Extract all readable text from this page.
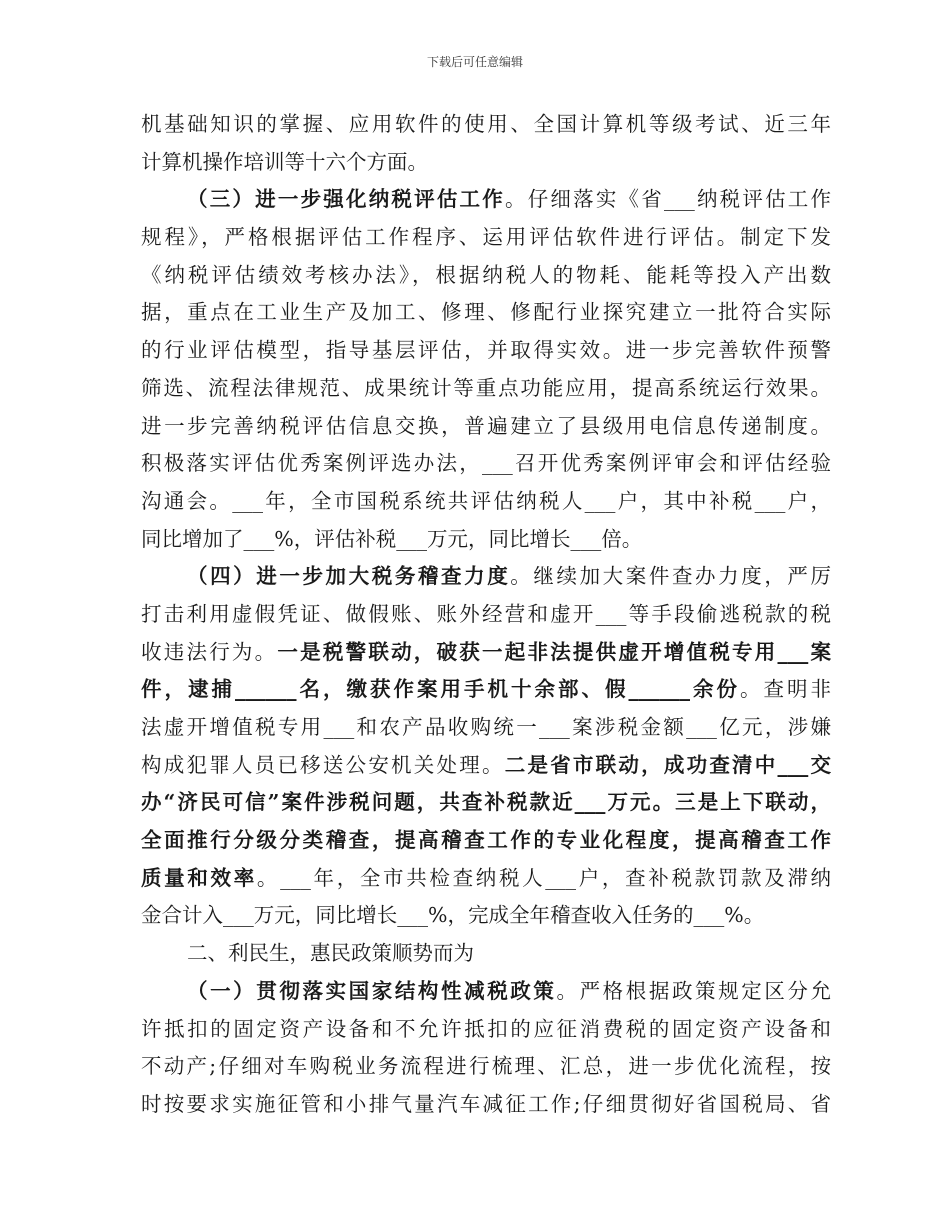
下载后可任意编辑
机基础知识的掌握、应用软件的使用、全国计算机等级考试、近三年
计算机操作培训等十六个方面。
（三）进一步强化纳税评估工作。仔细落实《省___纳税评估工作
规程》，严格根据评估工作程序、运用评估软件进行评估。制定下发
《纳税评估绩效考核办法》，根据纳税人的物耗、能耗等投入产出数
据，重点在工业生产及加工、修理、修配行业探究建立一批符合实际
的行业评估模型，指导基层评估，并取得实效。进一步完善软件预警
筛选、流程法律规范、成果统计等重点功能应用，提高系统运行效果。
进一步完善纳税评估信息交换，普遍建立了县级用电信息传递制度。
积极落实评估优秀案例评选办法，___召开优秀案例评审会和评估经验
沟通会。___年，全市国税系统共评估纳税人___户，其中补税___户，
同比增加了___%，评估补税___万元，同比增长___倍。
（四）进一步加大税务稽查力度。继续加大案件查办力度，严厉
打击利用虚假凭证、做假账、账外经营和虚开___等手段偷逃税款的税
收违法行为。一是税警联动，破获一起非法提供虚开增值税专用___案
件，逮捕______名，缴获作案用手机十余部、假______余份。查明非
法虚开增值税专用___和农产品收购统一___案涉税金额___亿元，涉嫌
构成犯罪人员已移送公安机关处理。二是省市联动，成功查清中___交
办“济民可信”案件涉税问题，共查补税款近___万元。三是上下联动，
全面推行分级分类稽查，提高稽查工作的专业化程度，提高稽查工作
质量和效率。___年，全市共检查纳税人___户，查补税款罚款及滞纳
金合计入___万元，同比增长___%，完成全年稽查收入任务的___%。
二、利民生，惠民政策顺势而为
（一）贯彻落实国家结构性减税政策。严格根据政策规定区分允
许抵扣的固定资产设备和不允许抵扣的应征消费税的固定资产设备和
不动产;仔细对车购税业务流程进行梳理、汇总，进一步优化流程，按
时按要求实施征管和小排气量汽车减征工作;仔细贯彻好省国税局、省
